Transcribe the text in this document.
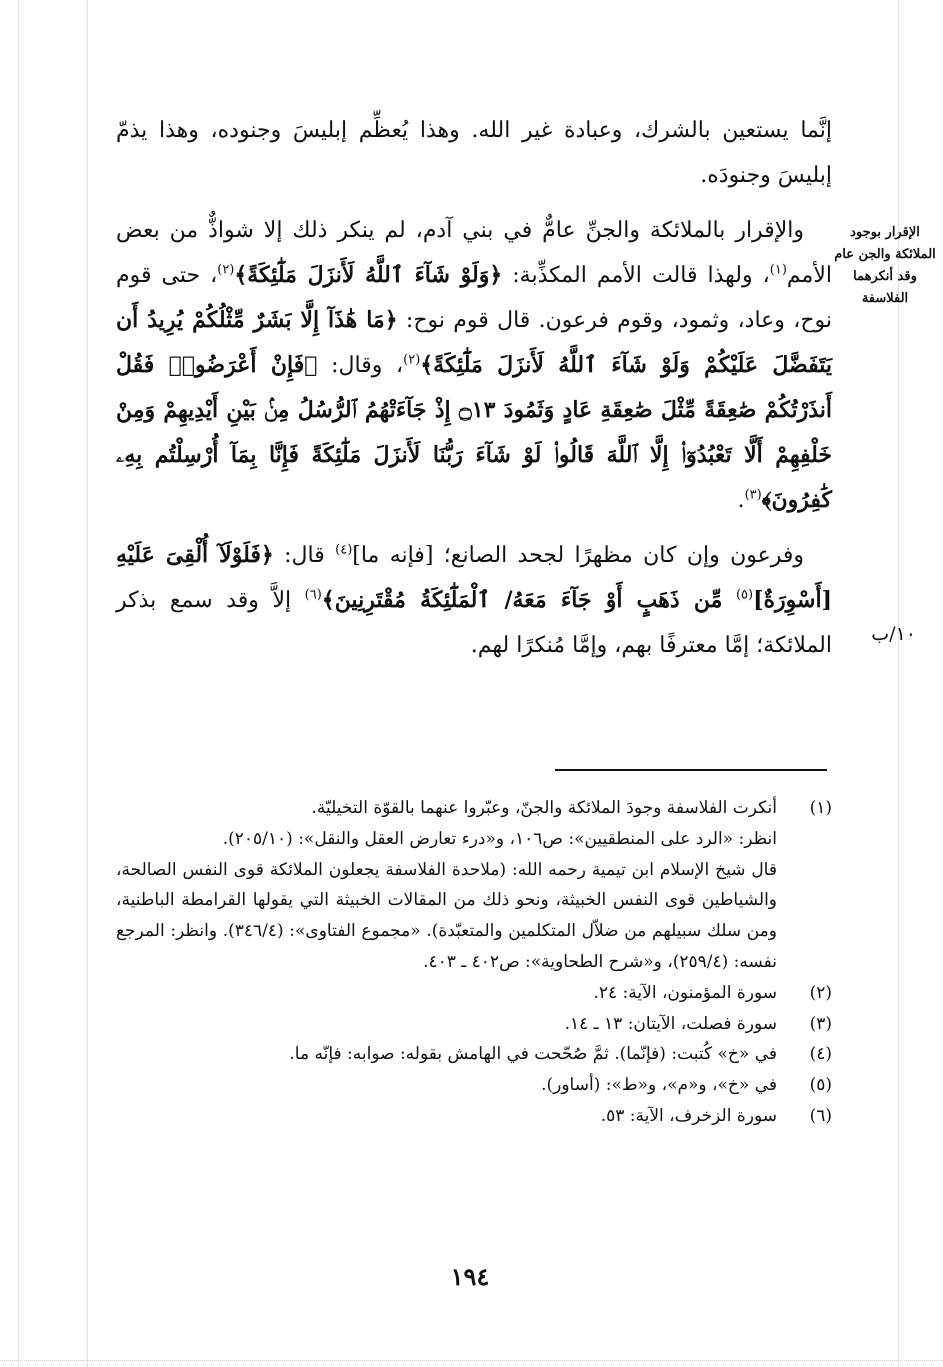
الإقرار بوجود الملائكة والجن عام وقد أنكرهما الفلاسفة
١٠/ب

إنَّما يستعين بالشرك، وعبادة غير الله. وهذا يُعظِّم إبليسَ وجنوده، وهذا يذمّ إبليسَ وجنودَه.

والإقرار بالملائكة والجنِّ عامٌّ في بني آدم، لم ينكر ذلك إلا شواذٌّ من بعض الأمم$^{(١)}$، ولهذا قالت الأمم المكذِّبة: ﴿وَلَوْ شَآءَ ٱللَّهُ لَأَنزَلَ مَلَٰٓئِكَةً﴾$^{(٢)}$، حتى قوم نوح، وعاد، وثمود، وقوم فرعون. قال قوم نوح: ﴿مَا هَٰذَآ إِلَّا بَشَرٌ مِّثْلُكُمْ يُرِيدُ أَن يَتَفَضَّلَ عَلَيْكُمْ وَلَوْ شَآءَ ٱللَّهُ لَأَنزَلَ مَلَٰٓئِكَةً﴾$^{(٢)}$، وقال: ﴿فَإِنْ أَعْرَضُوا۟ فَقُلْ أَنذَرْتُكُمْ صَٰعِقَةً مِّثْلَ صَٰعِقَةِ عَادٍ وَثَمُودَ ۝١٣ إِذْ جَآءَتْهُمُ ٱلرُّسُلُ مِنۢ بَيْنِ أَيْدِيهِمْ وَمِنْ خَلْفِهِمْ أَلَّا تَعْبُدُوٓا۟ إِلَّا ٱللَّهَ قَالُوا۟ لَوْ شَآءَ رَبُّنَا لَأَنزَلَ مَلَٰٓئِكَةً فَإِنَّا بِمَآ أُرْسِلْتُم بِهِۦ كَٰفِرُونَ﴾$^{(٣)}$.

وفرعون وإن كان مظهرًا لجحد الصانع؛ [فإنه ما]$^{(٤)}$ قال: ﴿فَلَوْلَآ أُلْقِىَ عَلَيْهِ [أَسْوِرَةٌ]$^{(٥)}$ مِّن ذَهَبٍ أَوْ جَآءَ مَعَهُ/ ٱلْمَلَٰٓئِكَةُ مُقْتَرِنِينَ﴾$^{(٦)}$ إلاَّ وقد سمع بذكر الملائكة؛ إمَّا معترفًا بهم، وإمَّا مُنكرًا لهم.

(١)

أنكرت الفلاسفة وجودَ الملائكة والجنّ، وعبّروا عنهما بالقوّة التخيليّة.

انظر: «الرد على المنطقيين»: ص١٠٦، و«درء تعارض العقل والنقل»: (٢٠٥/١٠).

قال شيخ الإسلام ابن تيمية رحمه الله: (ملاحدة الفلاسفة يجعلون الملائكة قوى النفس الصالحة، والشياطين قوى النفس الخبيثة، ونحو ذلك من المقالات الخبيثة التي يقولها القرامطة الباطنية، ومن سلك سبيلهم من ضلاّل المتكلمين والمتعبّدة). «مجموع الفتاوى»: (٣٤٦/٤). وانظر: المرجع نفسه: (٢٥٩/٤)، و«شرح الطحاوية»: ص٤٠٢ ـ ٤٠٣.

(٢)

سورة المؤمنون، الآية: ٢٤.

(٣)

سورة فصلت، الآيتان: ١٣ ـ ١٤.

(٤)

في «خ» كُتبت: (فإنّما). ثمَّ صُحّحت في الهامش بقوله: صوابه: فإنّه ما.

(٥)

في «خ»، و«م»، و«ط»: (أساور).

(٦)

سورة الزخرف، الآية: ٥٣.

١٩٤
